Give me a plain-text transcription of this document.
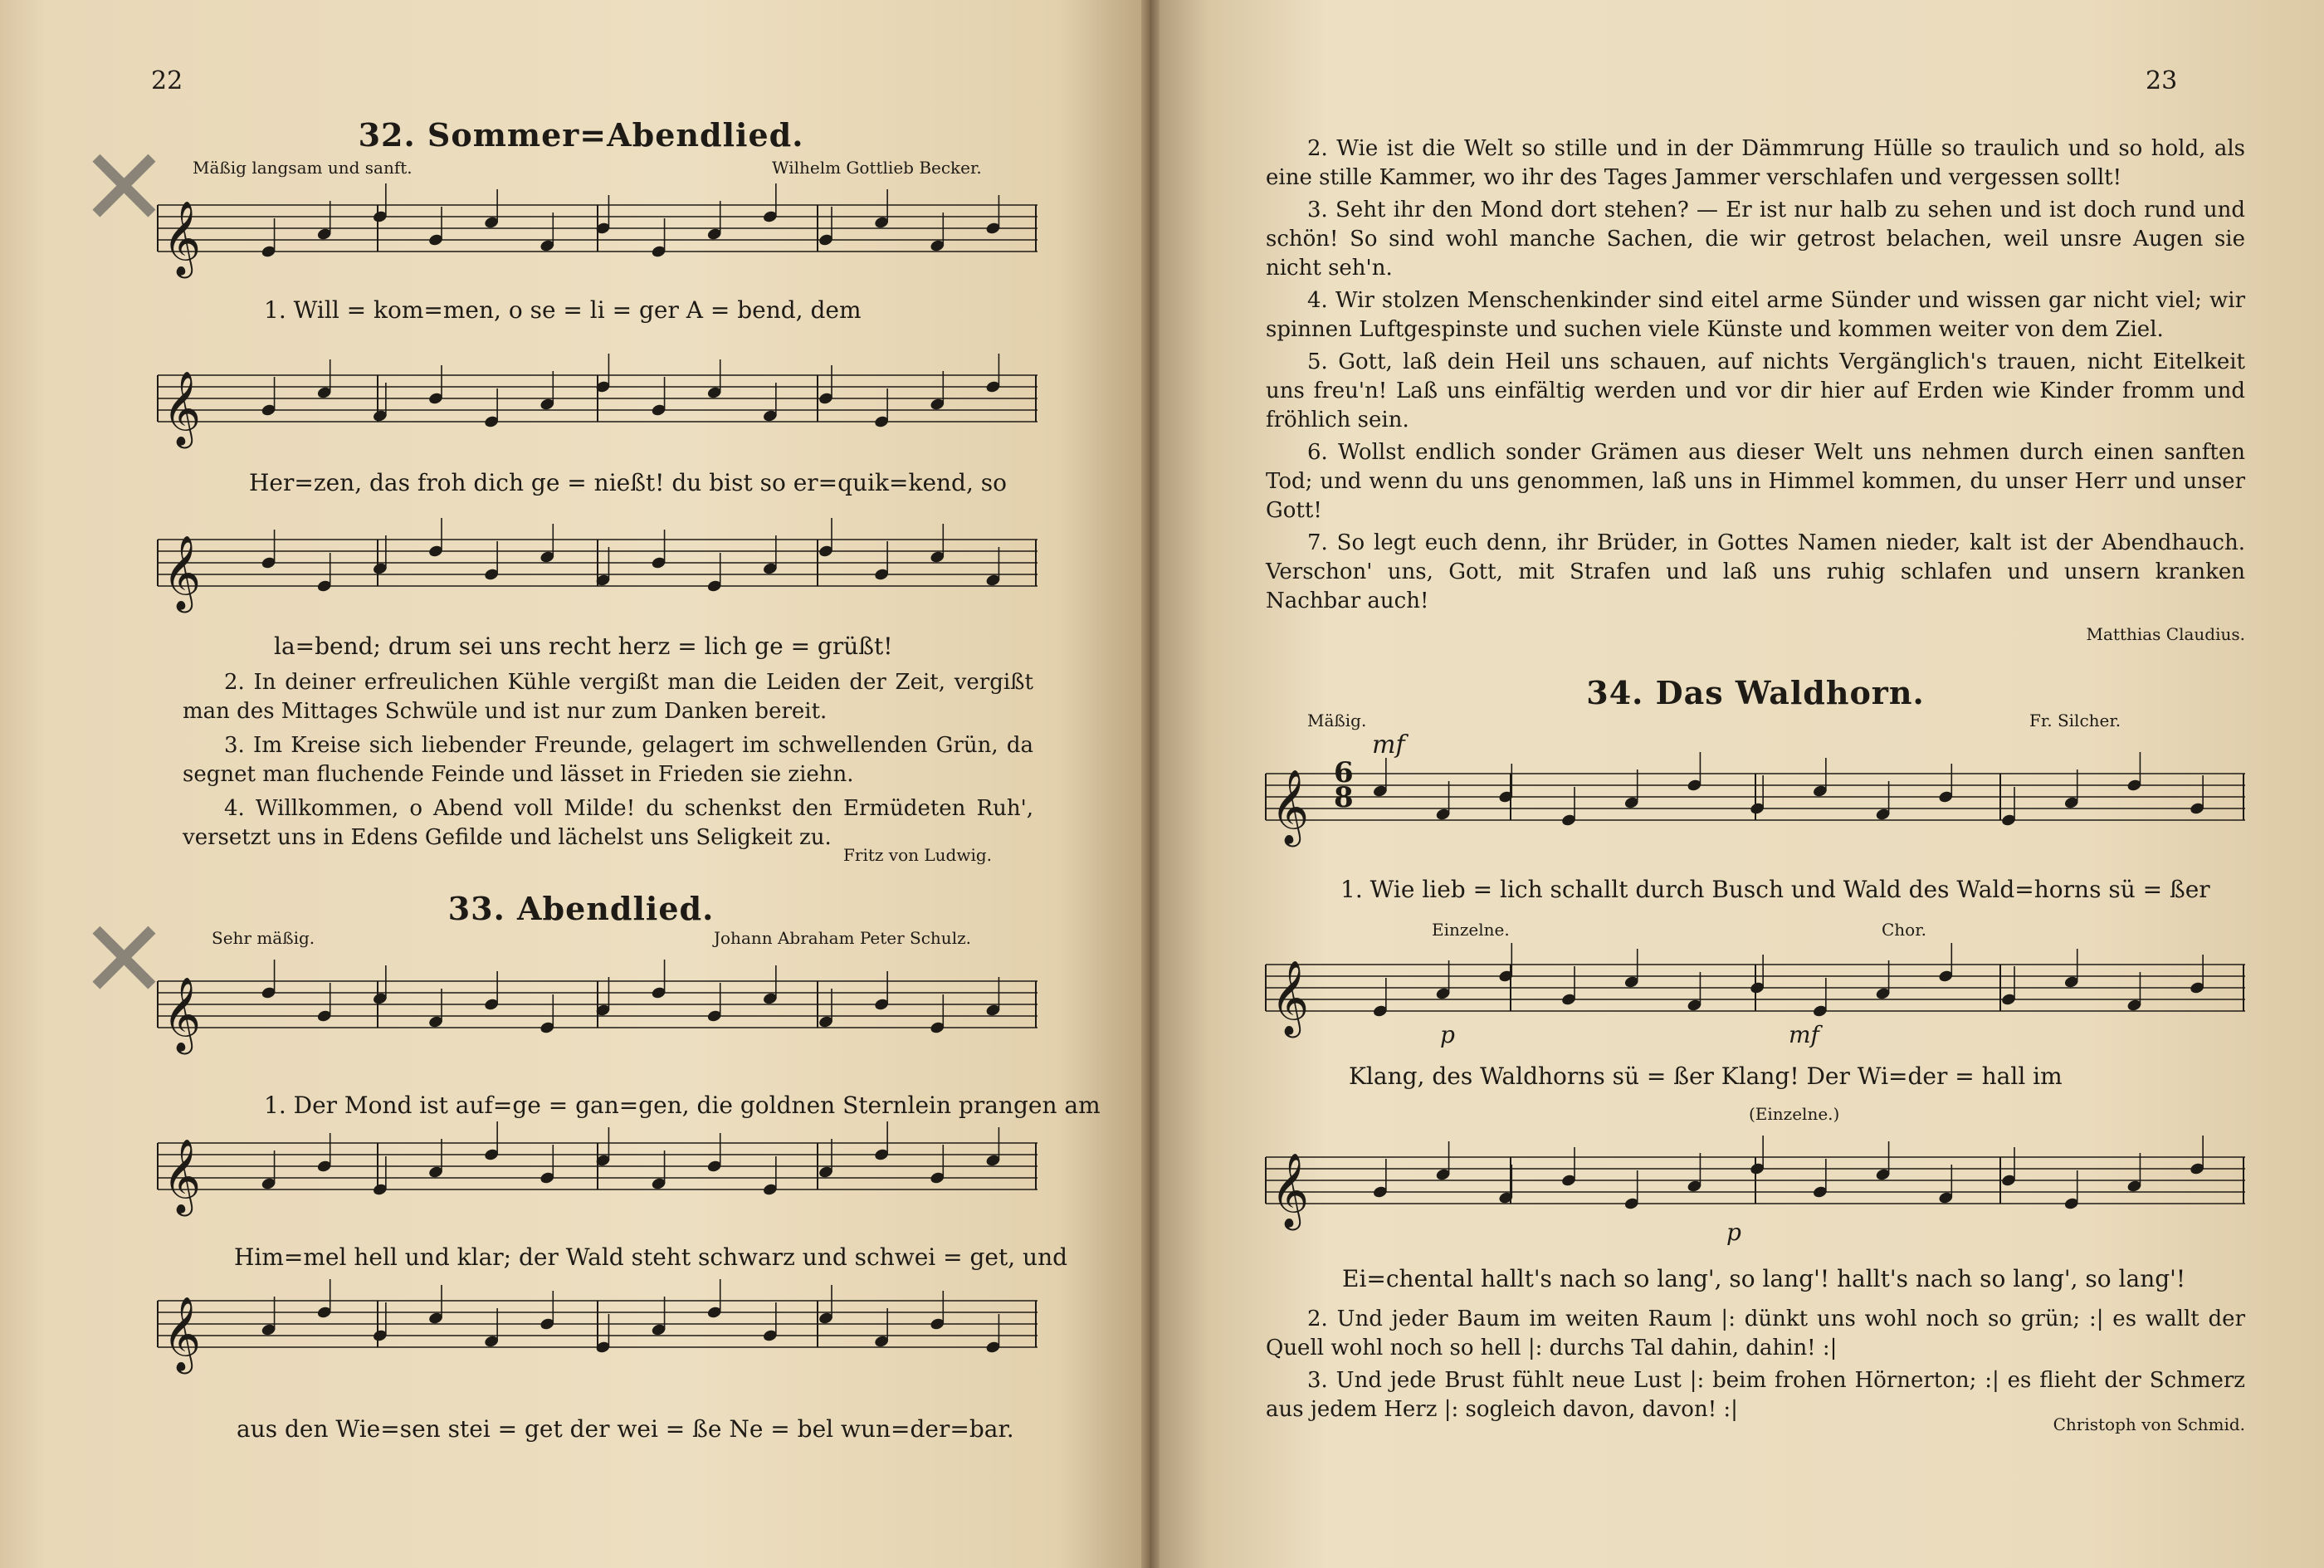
22
✕
✕
32. Sommer=Abendlied.
Mäßig langsam und sanft.	Wilhelm Gottlieb Becker.
𝄞
1. Will = kom=men, o se = li = ger A = bend, dem
𝄞
Her=zen, das froh dich ge = nießt! du bist so er=quik=kend, so
𝄞
la=bend; drum sei uns recht herz = lich ge = grüßt!

2. In deiner erfreulichen Kühle vergißt man die Leiden der Zeit, vergißt man des Mittages Schwüle und ist nur zum Danken bereit.

3. Im Kreise sich liebender Freunde, gelagert im schwellenden Grün, da segnet man fluchende Feinde und lässet in Frieden sie ziehn.

4. Willkommen, o Abend voll Milde! du schenkst den Ermüdeten Ruh', versetzt uns in Edens Gefilde und lächelst uns Seligkeit zu.

Fritz von Ludwig.
33. Abendlied.
Sehr mäßig.	Johann Abraham Peter Schulz.
𝄞
1. Der Mond ist auf=ge = gan=gen, die goldnen Sternlein prangen am
𝄞
Him=mel hell und klar; der Wald steht schwarz und schwei = get, und
𝄞
aus den Wie=sen stei = get der wei = ße Ne = bel wun=der=bar.
23

2. Wie ist die Welt so stille und in der Dämmrung Hülle so traulich und so hold, als eine stille Kammer, wo ihr des Tages Jammer verschlafen und vergessen sollt!

3. Seht ihr den Mond dort stehen? — Er ist nur halb zu sehen und ist doch rund und schön! So sind wohl manche Sachen, die wir getrost belachen, weil unsre Augen sie nicht seh'n.

4. Wir stolzen Menschenkinder sind eitel arme Sünder und wissen gar nicht viel; wir spinnen Luftgespinste und suchen viele Künste und kommen weiter von dem Ziel.

5. Gott, laß dein Heil uns schauen, auf nichts Vergänglich's trauen, nicht Eitelkeit uns freu'n! Laß uns einfältig werden und vor dir hier auf Erden wie Kinder fromm und fröhlich sein.

6. Wollst endlich sonder Grämen aus dieser Welt uns nehmen durch einen sanften Tod; und wenn du uns genommen, laß uns in Himmel kommen, du unser Herr und unser Gott!

7. So legt euch denn, ihr Brüder, in Gottes Namen nieder, kalt ist der Abendhauch. Verschon' uns, Gott, mit Strafen und laß uns ruhig schlafen und unsern kranken Nachbar auch!

Matthias Claudius.
34. Das Waldhorn.
Mäßig.	Fr. Silcher.
mf
𝄞 6
8
1. Wie lieb = lich schallt durch Busch und Wald des Wald=horns sü = ßer
Einzelne.	Chor.
𝄞	p	mf
Klang, des Waldhorns sü = ßer Klang! Der Wi=der = hall im
(Einzelne.)
𝄞
p
Ei=chental hallt's nach so lang', so lang'! hallt's nach so lang', so lang'!

2. Und jeder Baum im weiten Raum |: dünkt uns wohl noch so grün; :| es wallt der Quell wohl noch so hell |: durchs Tal dahin, dahin! :|

3. Und jede Brust fühlt neue Lust |: beim frohen Hörnerton; :| es flieht der Schmerz aus jedem Herz |: sogleich davon, davon! :|

Christoph von Schmid.
